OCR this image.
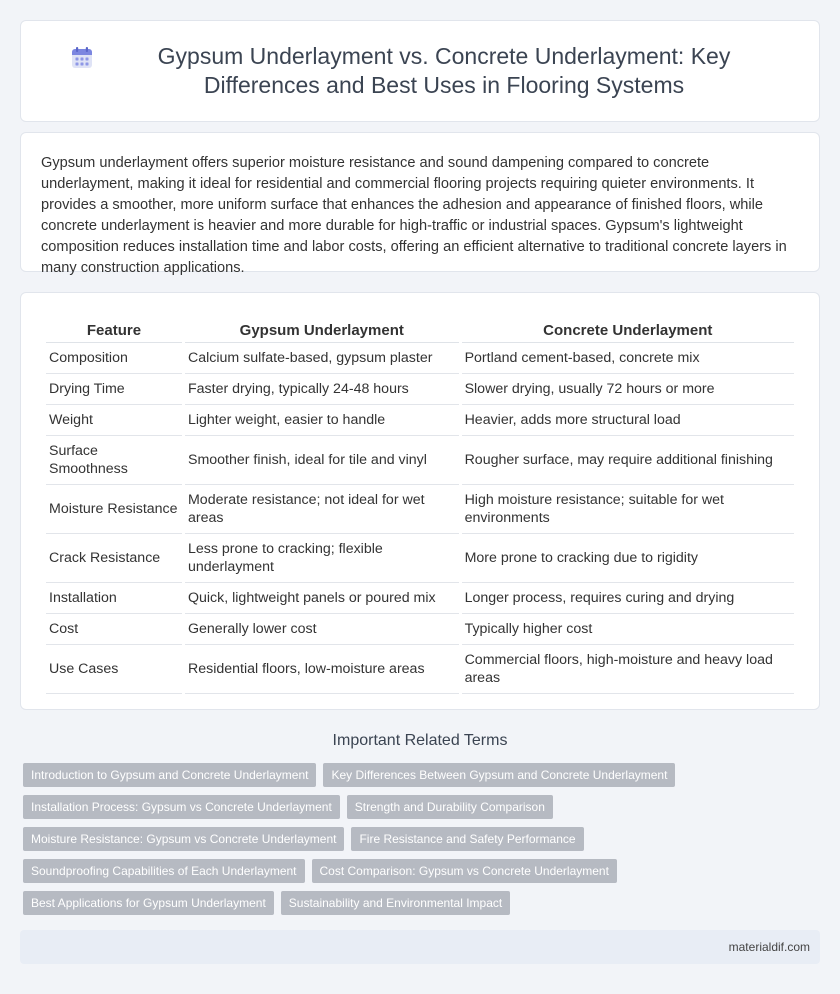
Gypsum Underlayment vs. Concrete Underlayment: Key Differences and Best Uses in Flooring Systems

Gypsum underlayment offers superior moisture resistance and sound dampening compared to concrete underlayment, making it ideal for residential and commercial flooring projects requiring quieter environments. It provides a smoother, more uniform surface that enhances the adhesion and appearance of finished floors, while concrete underlayment is heavier and more durable for high-traffic or industrial spaces. Gypsum's lightweight composition reduces installation time and labor costs, offering an efficient alternative to traditional concrete layers in many construction applications.

Feature	Gypsum Underlayment	Concrete Underlayment
Composition	Calcium sulfate-based, gypsum plaster	Portland cement-based, concrete mix
Drying Time	Faster drying, typically 24-48 hours	Slower drying, usually 72 hours or more
Weight	Lighter weight, easier to handle	Heavier, adds more structural load
Surface Smoothness	Smoother finish, ideal for tile and vinyl	Rougher surface, may require additional finishing
Moisture Resistance	Moderate resistance; not ideal for wet areas	High moisture resistance; suitable for wet environments
Crack Resistance	Less prone to cracking; flexible underlayment	More prone to cracking due to rigidity
Installation	Quick, lightweight panels or poured mix	Longer process, requires curing and drying
Cost	Generally lower cost	Typically higher cost
Use Cases	Residential floors, low-moisture areas	Commercial floors, high-moisture and heavy load areas
Important Related Terms
Introduction to Gypsum and Concrete Underlayment	Key Differences Between Gypsum and Concrete Underlayment
Installation Process: Gypsum vs Concrete Underlayment	Strength and Durability Comparison
Moisture Resistance: Gypsum vs Concrete Underlayment	Fire Resistance and Safety Performance
Soundproofing Capabilities of Each Underlayment	Cost Comparison: Gypsum vs Concrete Underlayment
Best Applications for Gypsum Underlayment	Sustainability and Environmental Impact
materialdif.com
